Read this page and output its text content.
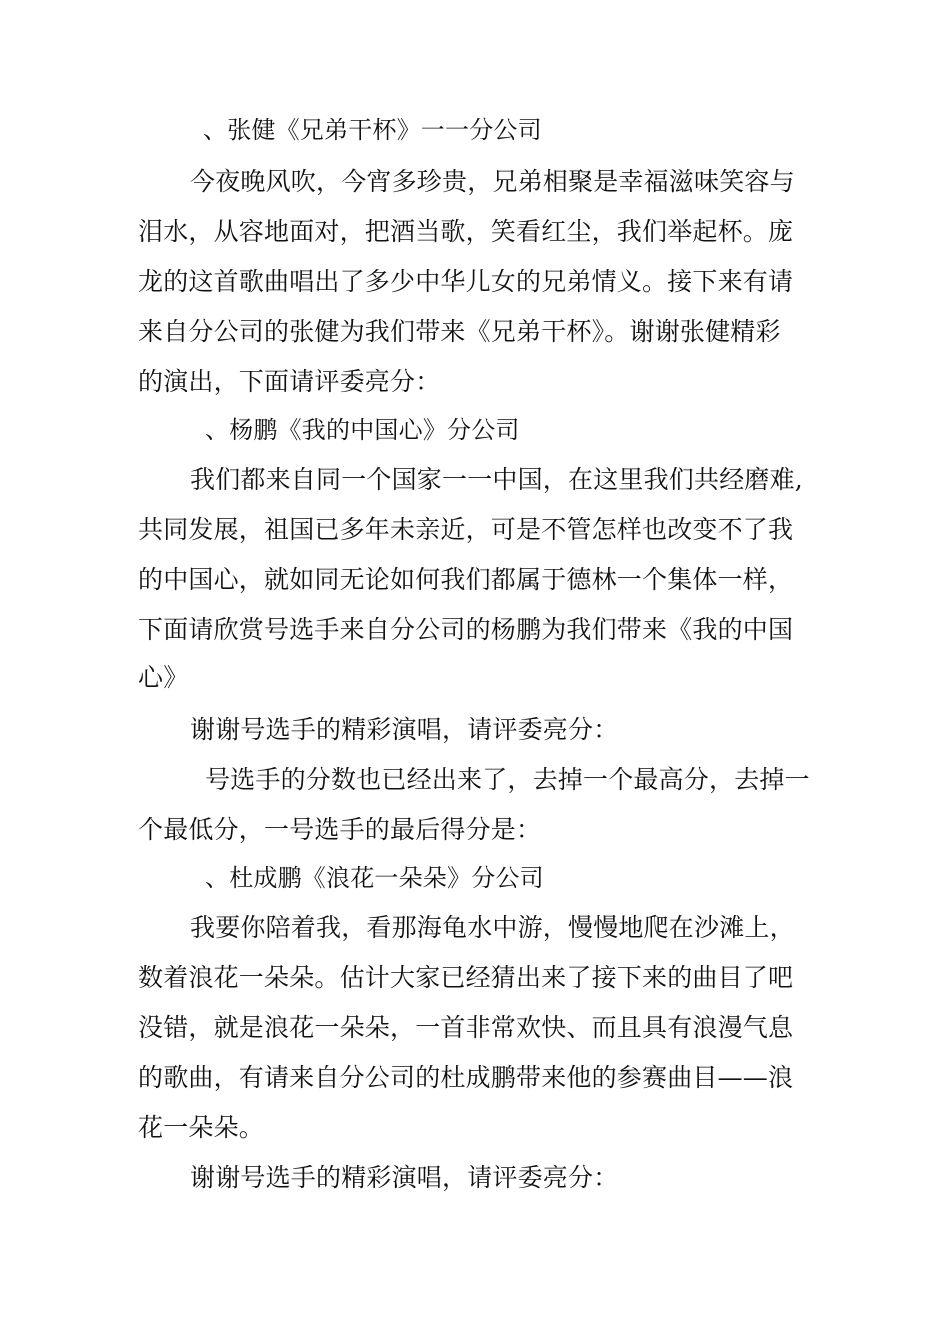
、张健《兄弟干杯》一一分公司
今夜晚风吹，今宵多珍贵，兄弟相聚是幸福滋味笑容与
泪水，从容地面对，把酒当歌，笑看红尘，我们举起杯。庞
龙的这首歌曲唱出了多少中华儿女的兄弟情义。接下来有请
来自分公司的张健为我们带来《兄弟干杯》。谢谢张健精彩
的演出，下面请评委亮分：
、杨鹏《我的中国心》分公司
我们都来自同一个国家一一中国，在这里我们共经磨难,
共同发展，祖国已多年未亲近，可是不管怎样也改变不了我
的中国心，就如同无论如何我们都属于德林一个集体一样，
下面请欣赏号选手来自分公司的杨鹏为我们带来《我的中国
心》
谢谢号选手的精彩演唱，请评委亮分：
号选手的分数也已经出来了，去掉一个最高分，去掉一
个最低分，一号选手的最后得分是：
、杜成鹏《浪花一朵朵》分公司
我要你陪着我，看那海龟水中游，慢慢地爬在沙滩上，
数着浪花一朵朵。估计大家已经猜出来了接下来的曲目了吧
没错，就是浪花一朵朵，一首非常欢快、而且具有浪漫气息
的歌曲，有请来自分公司的杜成鹏带来他的参赛曲目——浪
花一朵朵。
谢谢号选手的精彩演唱，请评委亮分：
